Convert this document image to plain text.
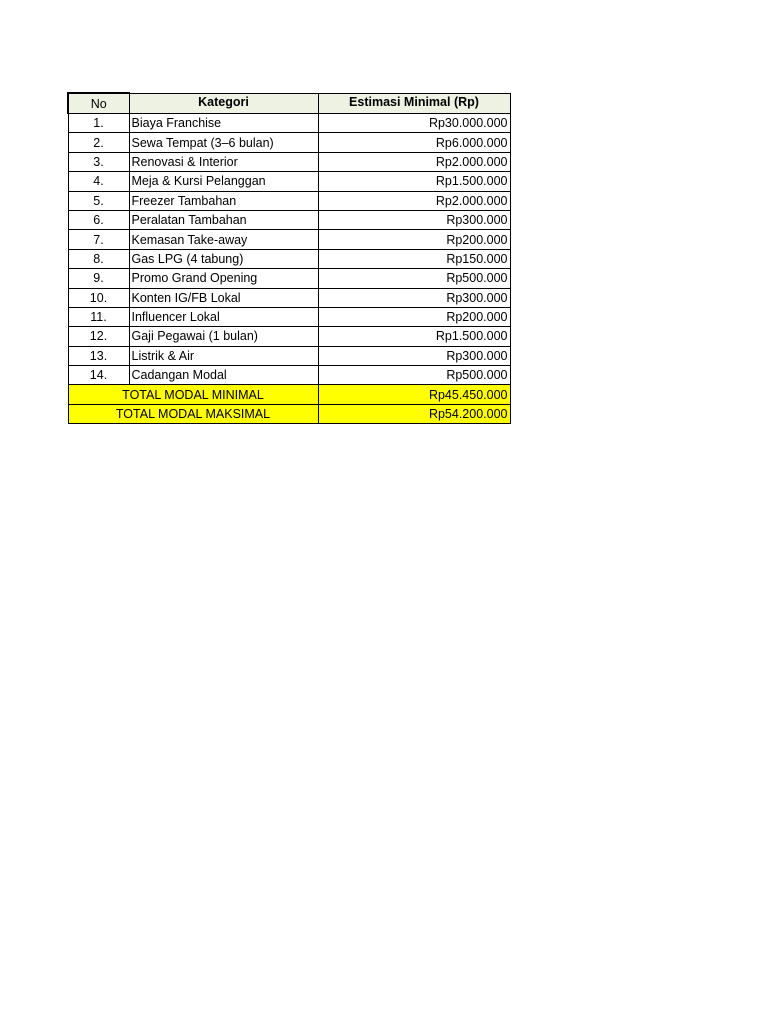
No	Kategori	Estimasi Minimal (Rp)
1.	Biaya Franchise	Rp30.000.000
2.	Sewa Tempat (3–6 bulan)	Rp6.000.000
3.	Renovasi & Interior	Rp2.000.000
4.	Meja & Kursi Pelanggan	Rp1.500.000
5.	Freezer Tambahan	Rp2.000.000
6.	Peralatan Tambahan	Rp300.000
7.	Kemasan Take-away	Rp200.000
8.	Gas LPG (4 tabung)	Rp150.000
9.	Promo Grand Opening	Rp500.000
10.	Konten IG/FB Lokal	Rp300.000
11.	Influencer Lokal	Rp200.000
12.	Gaji Pegawai (1 bulan)	Rp1.500.000
13.	Listrik & Air	Rp300.000
14.	Cadangan Modal	Rp500.000
TOTAL MODAL MINIMAL		Rp45.450.000
TOTAL MODAL MAKSIMAL		Rp54.200.000
